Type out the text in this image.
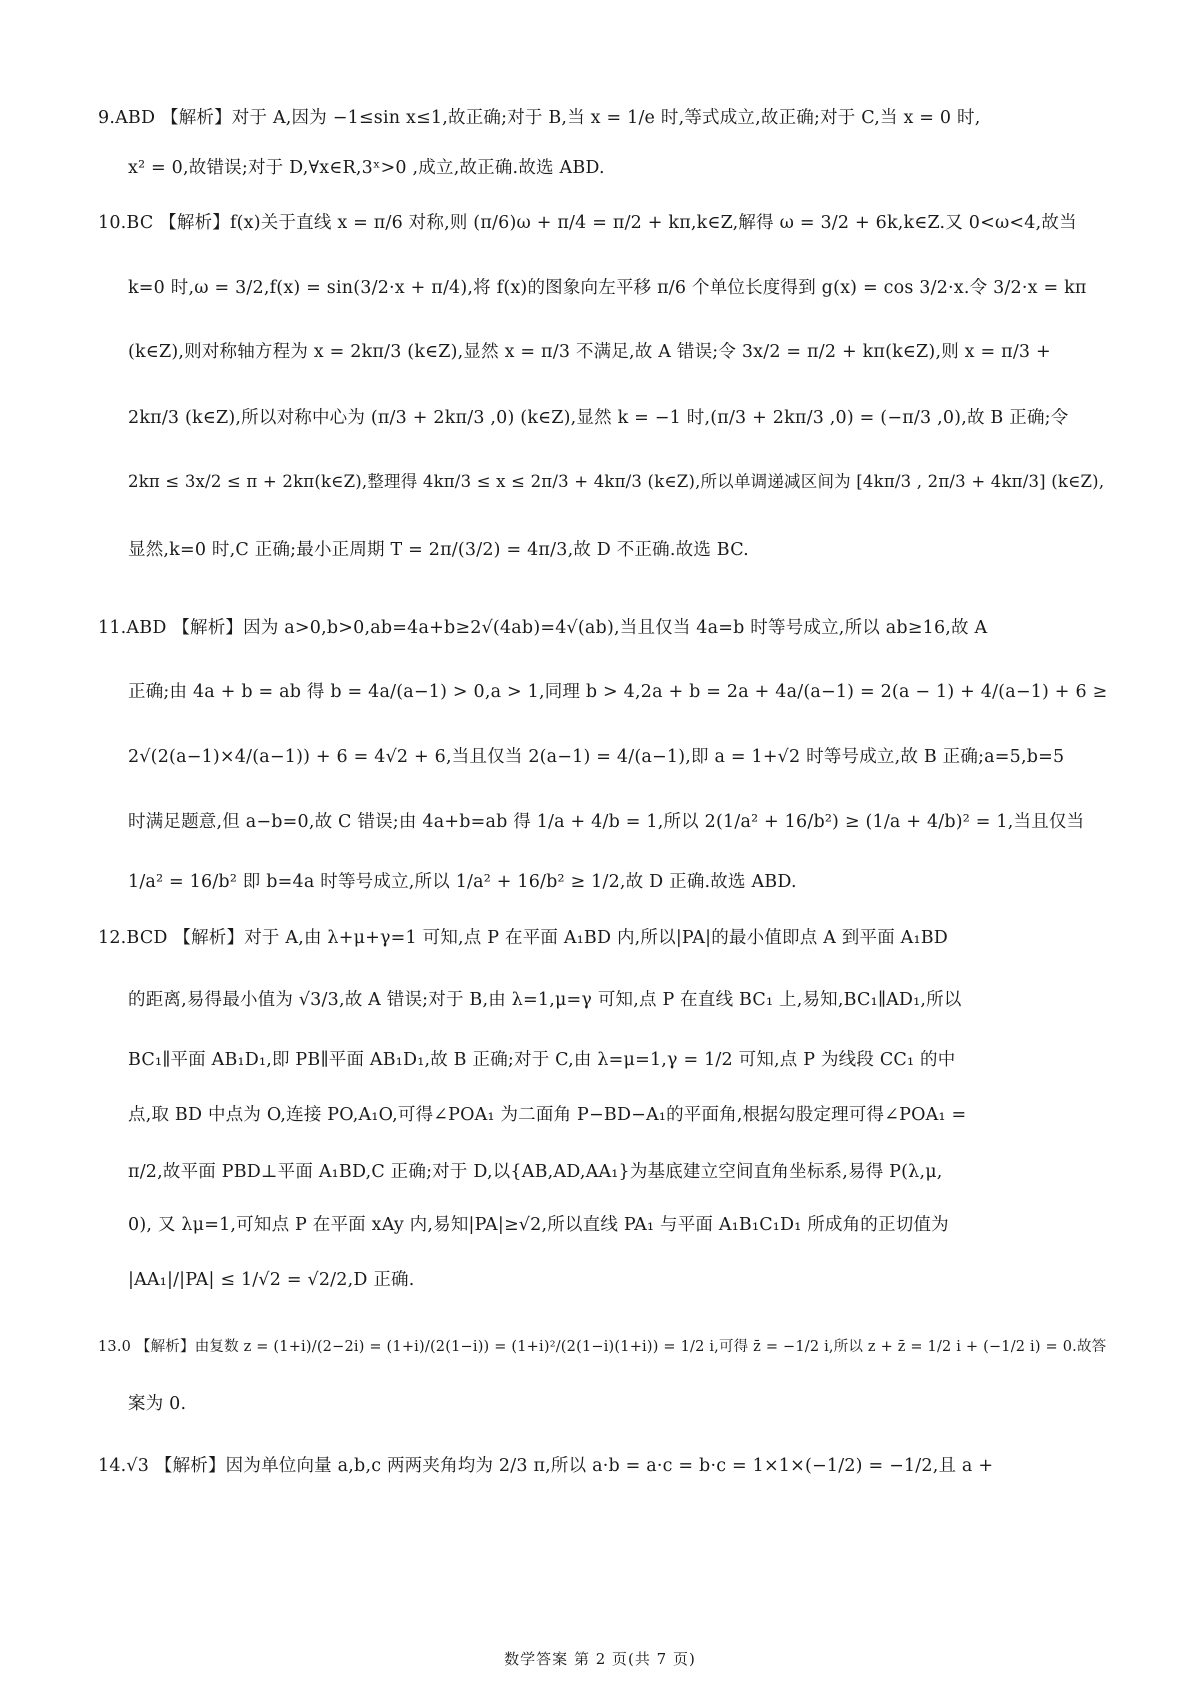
9.ABD 【解析】对于 A,因为 −1≤sin x≤1,故正确;对于 B,当 x = 1/e 时,等式成立,故正确;对于 C,当 x = 0 时,
x² = 0,故错误;对于 D,∀x∈R,3ˣ>0 ,成立,故正确.故选 ABD.
10.BC 【解析】f(x)关于直线 x = π/6 对称,则 (π/6)ω + π/4 = π/2 + kπ,k∈Z,解得 ω = 3/2 + 6k,k∈Z.又 0<ω<4,故当
k=0 时,ω = 3/2,f(x) = sin(3/2·x + π/4),将 f(x)的图象向左平移 π/6 个单位长度得到 g(x) = cos 3/2·x.令 3/2·x = kπ
(k∈Z),则对称轴方程为 x = 2kπ/3 (k∈Z),显然 x = π/3 不满足,故 A 错误;令 3x/2 = π/2 + kπ(k∈Z),则 x = π/3 +
2kπ/3 (k∈Z),所以对称中心为 (π/3 + 2kπ/3 ,0) (k∈Z),显然 k = −1 时,(π/3 + 2kπ/3 ,0) = (−π/3 ,0),故 B 正确;令
2kπ ≤ 3x/2 ≤ π + 2kπ(k∈Z),整理得 4kπ/3 ≤ x ≤ 2π/3 + 4kπ/3 (k∈Z),所以单调递减区间为 [4kπ/3 , 2π/3 + 4kπ/3] (k∈Z),
显然,k=0 时,C 正确;最小正周期 T = 2π/(3/2) = 4π/3,故 D 不正确.故选 BC.
11.ABD 【解析】因为 a>0,b>0,ab=4a+b≥2√(4ab)=4√(ab),当且仅当 4a=b 时等号成立,所以 ab≥16,故 A
正确;由 4a + b = ab 得 b = 4a/(a−1) > 0,a > 1,同理 b > 4,2a + b = 2a + 4a/(a−1) = 2(a − 1) + 4/(a−1) + 6 ≥
2√(2(a−1)×4/(a−1)) + 6 = 4√2 + 6,当且仅当 2(a−1) = 4/(a−1),即 a = 1+√2 时等号成立,故 B 正确;a=5,b=5
时满足题意,但 a−b=0,故 C 错误;由 4a+b=ab 得 1/a + 4/b = 1,所以 2(1/a² + 16/b²) ≥ (1/a + 4/b)² = 1,当且仅当
1/a² = 16/b² 即 b=4a 时等号成立,所以 1/a² + 16/b² ≥ 1/2,故 D 正确.故选 ABD.
12.BCD 【解析】对于 A,由 λ+μ+γ=1 可知,点 P 在平面 A₁BD 内,所以|PA|的最小值即点 A 到平面 A₁BD
的距离,易得最小值为 √3/3,故 A 错误;对于 B,由 λ=1,μ=γ 可知,点 P 在直线 BC₁ 上,易知,BC₁∥AD₁,所以
BC₁∥平面 AB₁D₁,即 PB∥平面 AB₁D₁,故 B 正确;对于 C,由 λ=μ=1,γ = 1/2 可知,点 P 为线段 CC₁ 的中
点,取 BD 中点为 O,连接 PO,A₁O,可得∠POA₁ 为二面角 P−BD−A₁的平面角,根据勾股定理可得∠POA₁ =
π/2,故平面 PBD⊥平面 A₁BD,C 正确;对于 D,以{AB,AD,AA₁}为基底建立空间直角坐标系,易得 P(λ,μ,
0), 又 λμ=1,可知点 P 在平面 xAy 内,易知|PA|≥√2,所以直线 PA₁ 与平面 A₁B₁C₁D₁ 所成角的正切值为
|AA₁|/|PA| ≤ 1/√2 = √2/2,D 正确.
13.0 【解析】由复数 z = (1+i)/(2−2i) = (1+i)/(2(1−i)) = (1+i)²/(2(1−i)(1+i)) = 1/2 i,可得 z̄ = −1/2 i,所以 z + z̄ = 1/2 i + (−1/2 i) = 0.故答
案为 0.
14.√3 【解析】因为单位向量 a,b,c 两两夹角均为 2/3 π,所以 a·b = a·c = b·c = 1×1×(−1/2) = −1/2,且 a +
数学答案 第 2 页(共 7 页)
